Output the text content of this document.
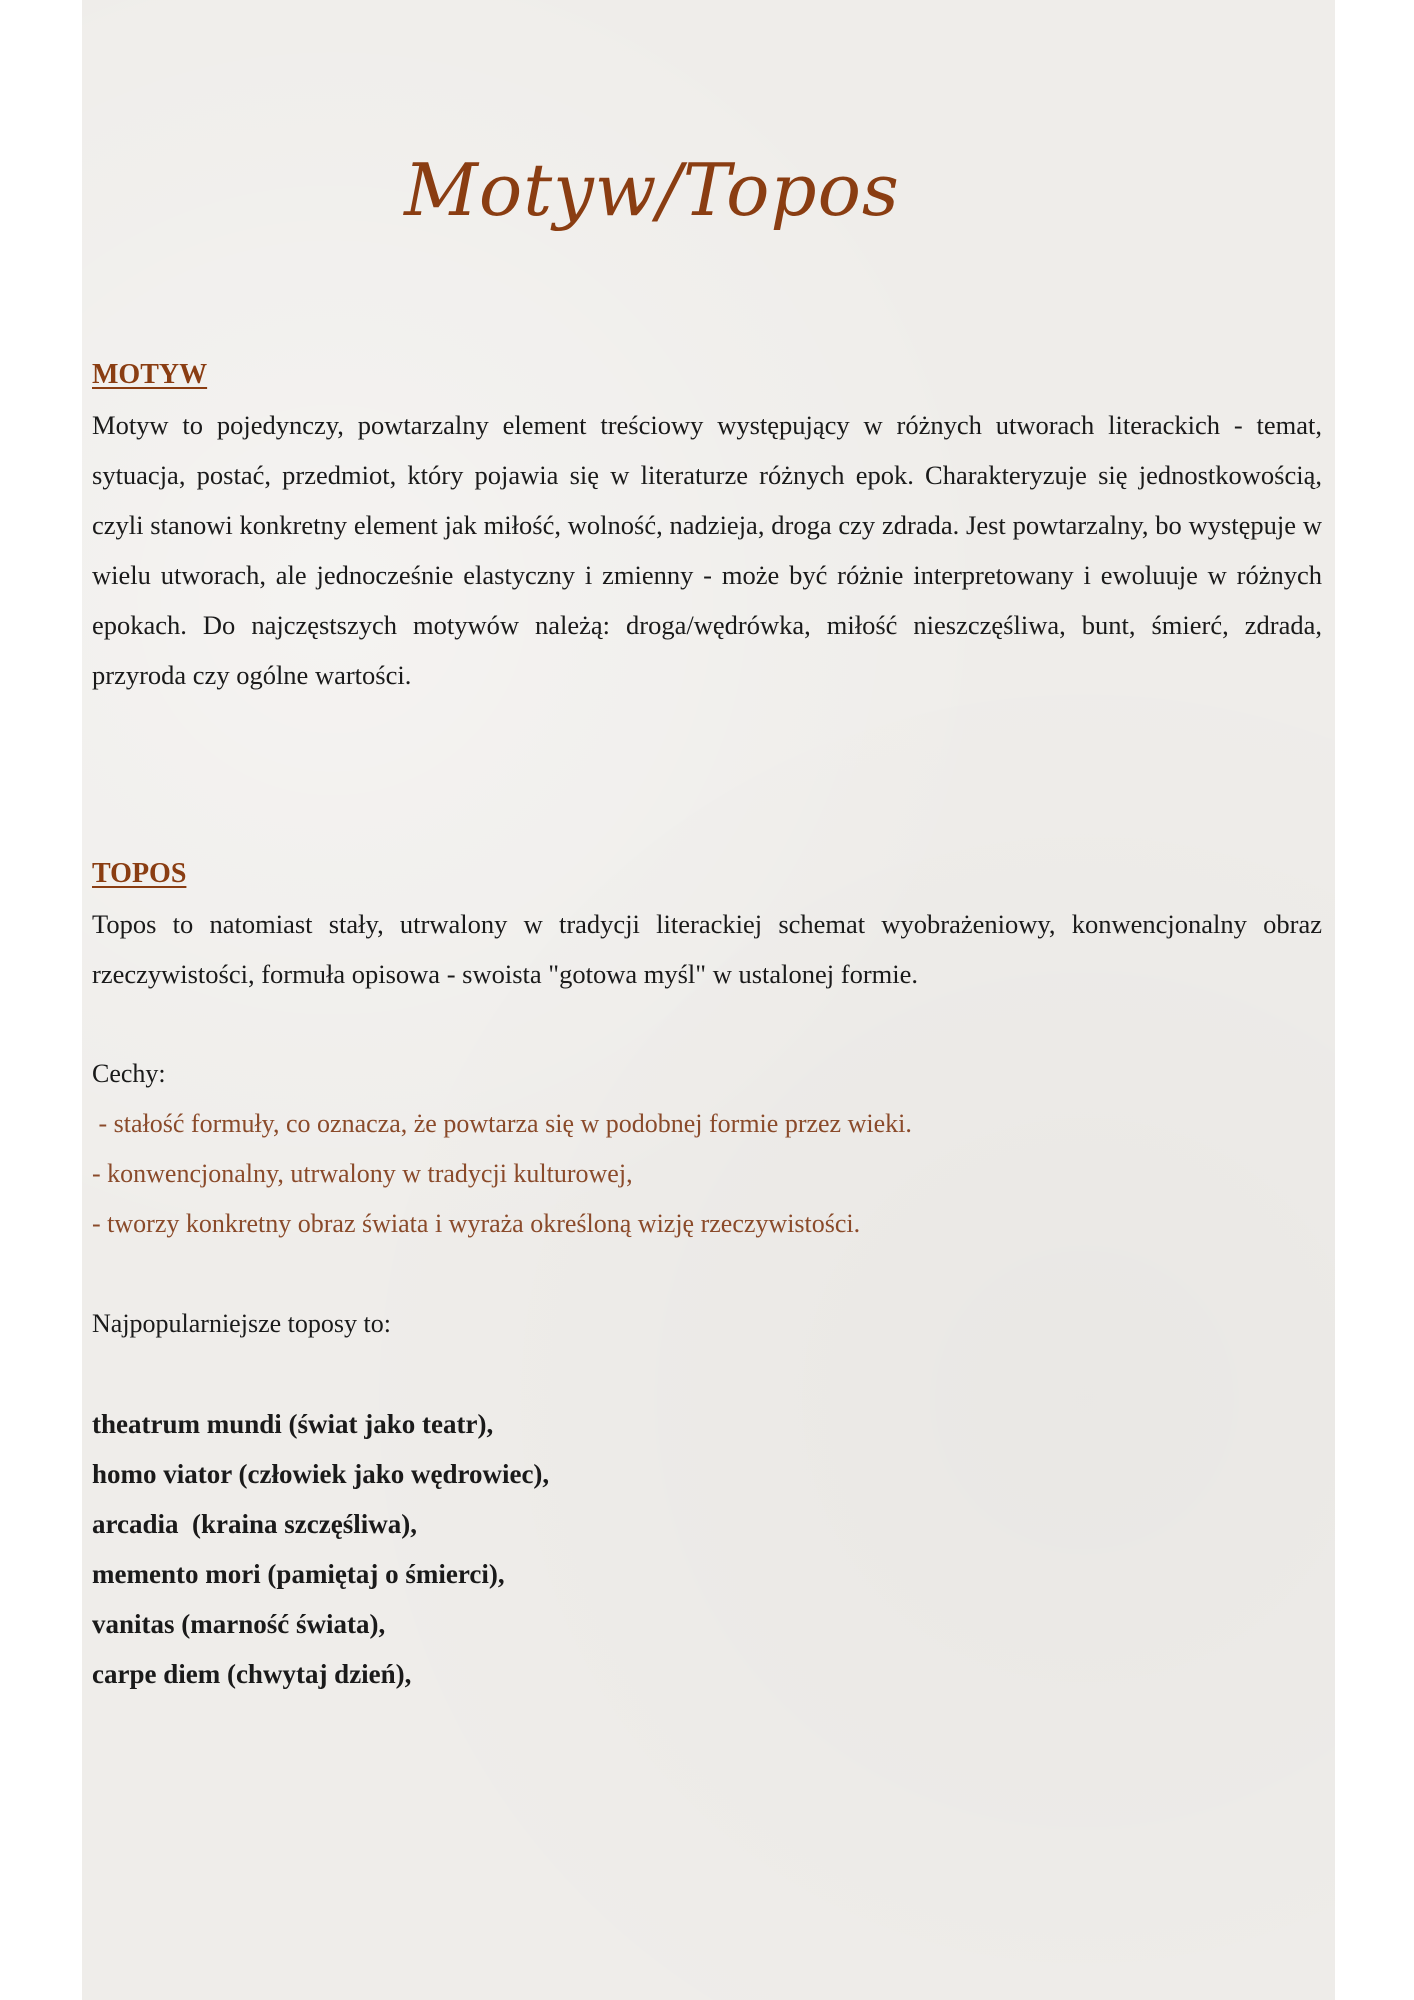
Motyw/Topos

MOTYW

Motyw to pojedynczy, powtarzalny element treściowy występujący w różnych utworach literackich - temat, sytuacja, postać, przedmiot, który pojawia się w literaturze różnych epok. Charakteryzuje się jednostkowością, czyli stanowi konkretny element jak miłość, wolność, nadzieja, droga czy zdrada. Jest powtarzalny, bo występuje w wielu utworach, ale jednocześnie elastyczny i zmienny - może być różnie interpretowany i ewoluuje w różnych epokach. Do najczęstszych motywów należą: droga/wędrówka, miłość nieszczęśliwa, bunt, śmierć, zdrada, przyroda czy ogólne wartości.

TOPOS

Topos to natomiast stały, utrwalony w tradycji literackiej schemat wyobrażeniowy, konwencjonalny obraz rzeczywistości, formuła opisowa - swoista "gotowa myśl" w ustalonej formie.

Cechy:

- stałość formuły, co oznacza, że powtarza się w podobnej formie przez wieki.

- konwencjonalny, utrwalony w tradycji kulturowej,

- tworzy konkretny obraz świata i wyraża określoną wizję rzeczywistości.

Najpopularniejsze toposy to:

theatrum mundi (świat jako teatr),

homo viator (człowiek jako wędrowiec),

arcadia  (kraina szczęśliwa),

memento mori (pamiętaj o śmierci),

vanitas (marność świata),

carpe diem (chwytaj dzień),
